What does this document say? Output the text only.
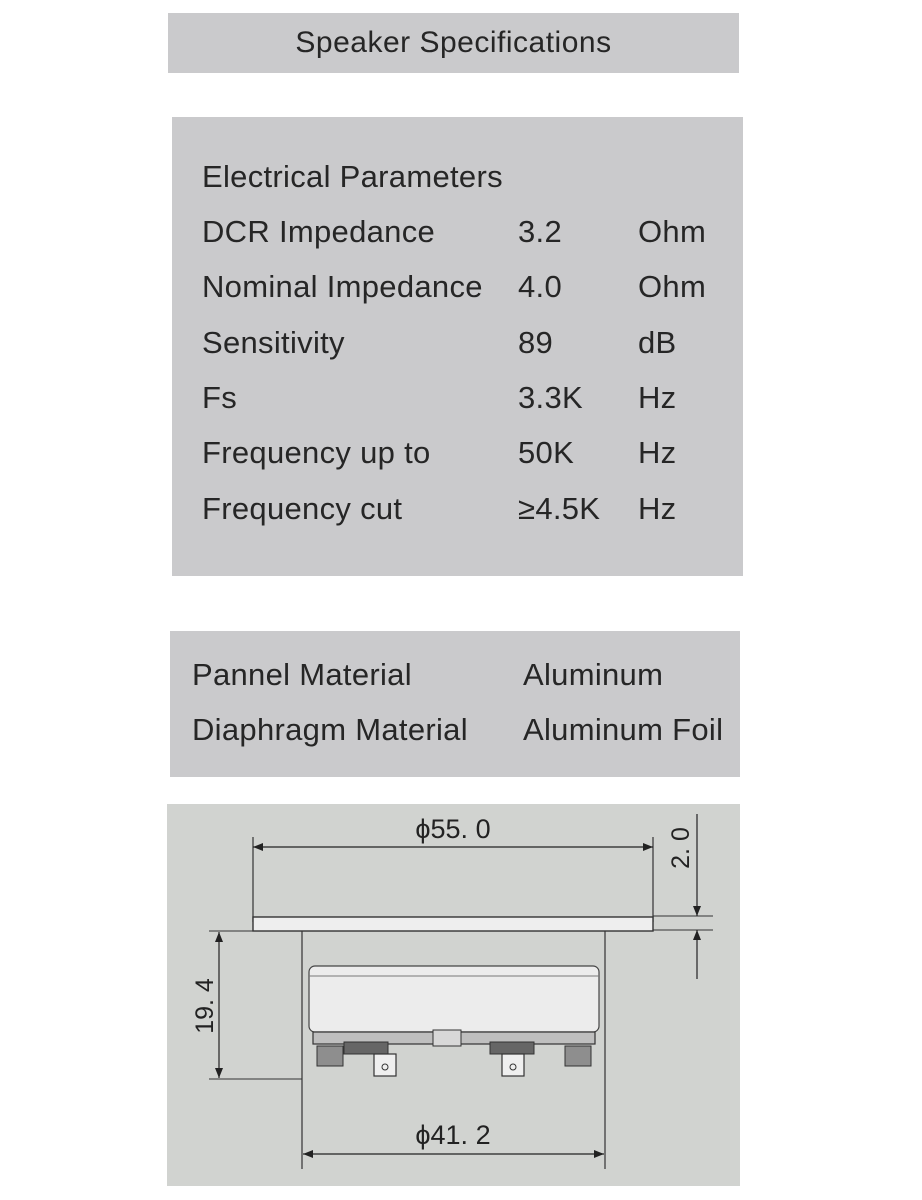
Speaker Specifications
Electrical Parameters
DCR Impedance	3.2 Ohm
Nominal Impedance 4.0 Ohm
Sensitivity	89	dB
Fs	3.3K Hz
Frequency up to	50K Hz
Frequency cut	≥4.5K Hz
Pannel Material	Aluminum
Diaphragm Material Aluminum Foil
ϕ55. 0	2. 0
19. 4
ϕ41. 2
